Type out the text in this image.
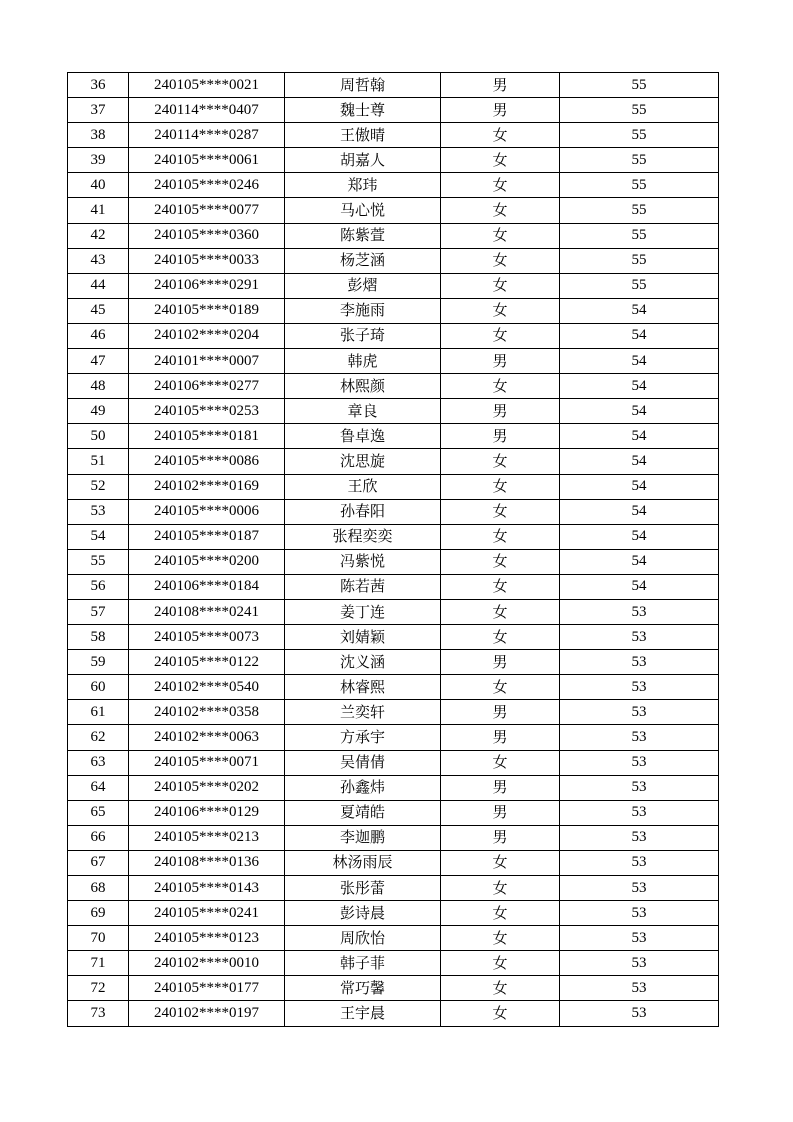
36	240105****0021	周哲翰	男	55
37	240114****0407	魏士尊	男	55
38	240114****0287	王傲晴	女	55
39	240105****0061	胡嘉人	女	55
40	240105****0246	郑玮	女	55
41	240105****0077	马心悦	女	55
42	240105****0360	陈紫萱	女	55
43	240105****0033	杨芝涵	女	55
44	240106****0291	彭熠	女	55
45	240105****0189	李施雨	女	54
46	240102****0204	张子琦	女	54
47	240101****0007	韩虎	男	54
48	240106****0277	林熙颜	女	54
49	240105****0253	章良	男	54
50	240105****0181	鲁卓逸	男	54
51	240105****0086	沈思旋	女	54
52	240102****0169	王欣	女	54
53	240105****0006	孙春阳	女	54
54	240105****0187	张程奕奕	女	54
55	240105****0200	冯紫悦	女	54
56	240106****0184	陈若茜	女	54
57	240108****0241	姜丁连	女	53
58	240105****0073	刘婧颖	女	53
59	240105****0122	沈义涵	男	53
60	240102****0540	林睿熙	女	53
61	240102****0358	兰奕轩	男	53
62	240102****0063	方承宇	男	53
63	240105****0071	吴倩倩	女	53
64	240105****0202	孙鑫炜	男	53
65	240106****0129	夏靖皓	男	53
66	240105****0213	李迦鹏	男	53
67	240108****0136	林汤雨辰	女	53
68	240105****0143	张彤蕾	女	53
69	240105****0241	彭诗晨	女	53
70	240105****0123	周欣怡	女	53
71	240102****0010	韩子菲	女	53
72	240105****0177	常巧馨	女	53
73	240102****0197	王宇晨	女	53
